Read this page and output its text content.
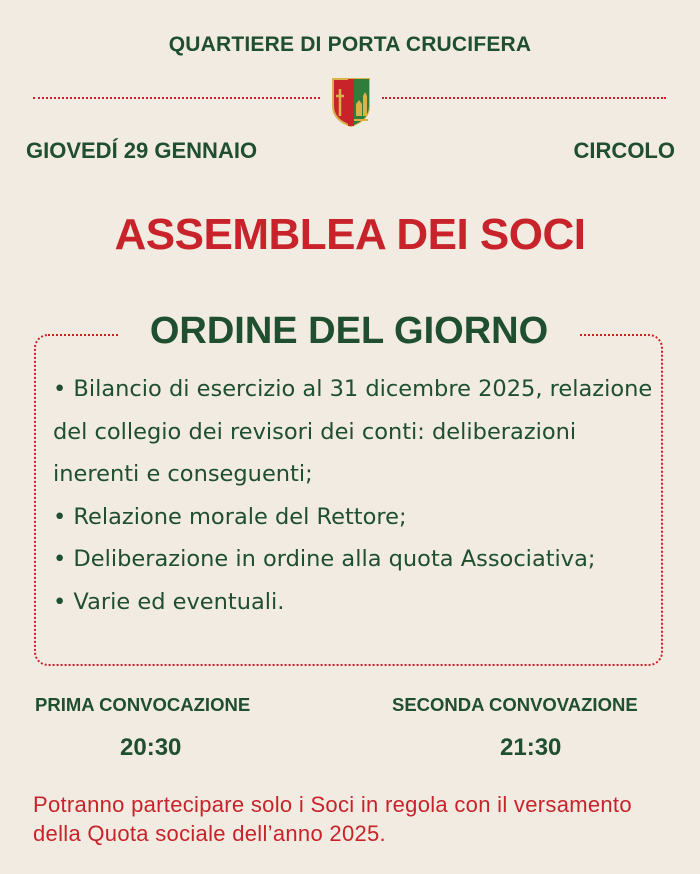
QUARTIERE DI PORTA CRUCIFERA
GIOVEDÍ 29 GENNAIO	CIRCOLO
ASSEMBLEA DEI SOCI
ORDINE DEL GIORNO
• Bilancio di esercizio al 31 dicembre 2025, relazione del collegio dei revisori dei conti: deliberazioni inerenti e conseguenti;
• Relazione morale del Rettore;
• Deliberazione in ordine alla quota Associativa;
• Varie ed eventuali.
PRIMA CONVOCAZIONE
20:30
SECONDA CONVOVAZIONE
21:30
Potranno partecipare solo i Soci in regola con il versamento della Quota sociale dell’anno 2025.
